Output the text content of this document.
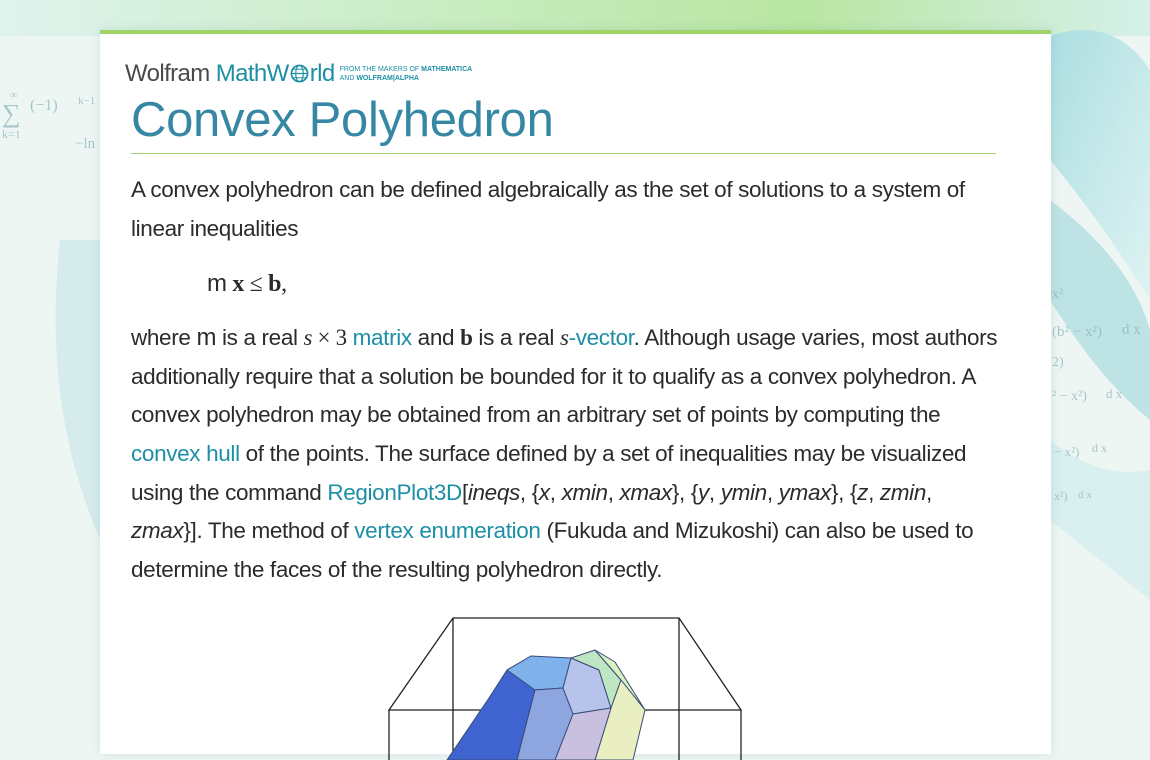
∞
∑ (−1) k−1
k=1
−ln
x²
(b² − x²) d x
2)
² − x²) d x
− x²) d x
x²) d x
Wolfram MathW rld FROM THE MAKERS OF MATHEMATICA
AND WOLFRAM|ALPHA
Convex Polyhedron

A convex polyhedron can be defined algebraically as the set of solutions to a system of linear inequalities

m x ≤ b,

where m is a real s × 3 matrix and b is a real s-vector. Although usage varies, most authors additionally require that a solution be bounded for it to qualify as a convex polyhedron. A convex polyhedron may be obtained from an arbitrary set of points by computing the convex hull of the points. The surface defined by a set of inequalities may be visualized using the command RegionPlot3D[ineqs, {x, xmin, xmax}, {y, ymin, ymax}, {z, zmin, zmax}]. The method of vertex enumeration (Fukuda and Mizukoshi) can also be used to determine the faces of the resulting polyhedron directly.
